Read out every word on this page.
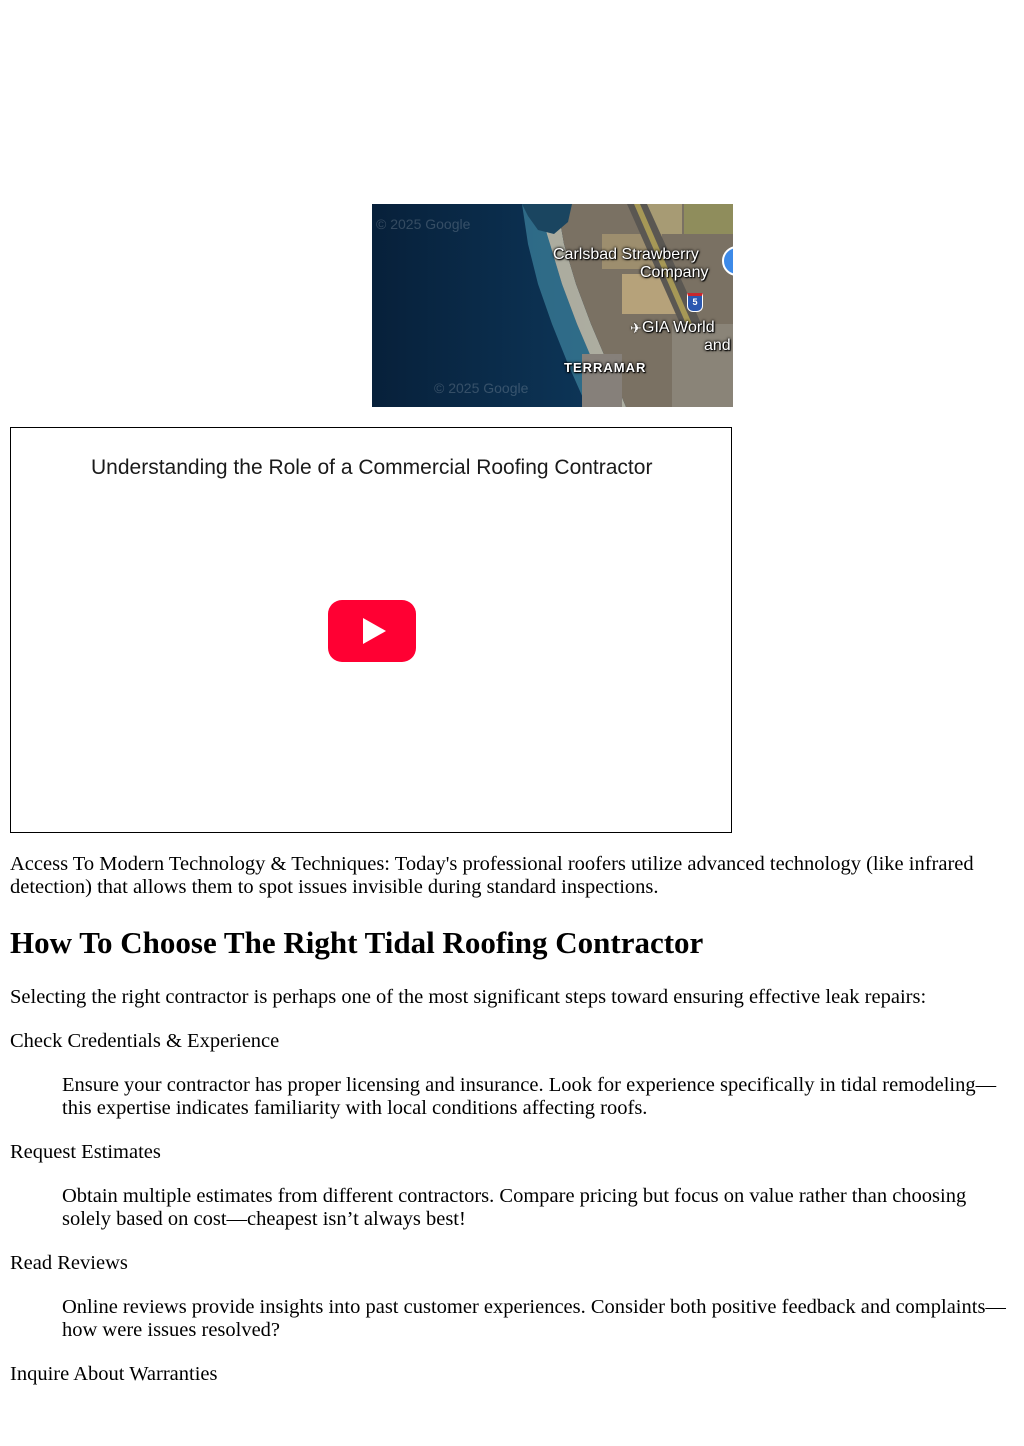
© 2025 Google
© 2025 Google
Carlsbad Strawberry
Company
5
✈ GIA World
and
TERRAMAR
Understanding the Role of a Commercial Roofing Contractor

Access To Modern Technology & Techniques: Today's professional roofers utilize advanced technology (like infrared detection) that allows them to spot issues invisible during standard inspections.

How To Choose The Right Tidal Roofing Contractor

Selecting the right contractor is perhaps one of the most significant steps toward ensuring effective leak repairs:

Check Credentials & Experience

Ensure your contractor has proper licensing and insurance. Look for experience specifically in tidal remodeling—this expertise indicates familiarity with local conditions affecting roofs.

Request Estimates

Obtain multiple estimates from different contractors. Compare pricing but focus on value rather than choosing solely based on cost—cheapest isn’t always best!

Read Reviews

Online reviews provide insights into past customer experiences. Consider both positive feedback and complaints—how were issues resolved?

Inquire About Warranties
